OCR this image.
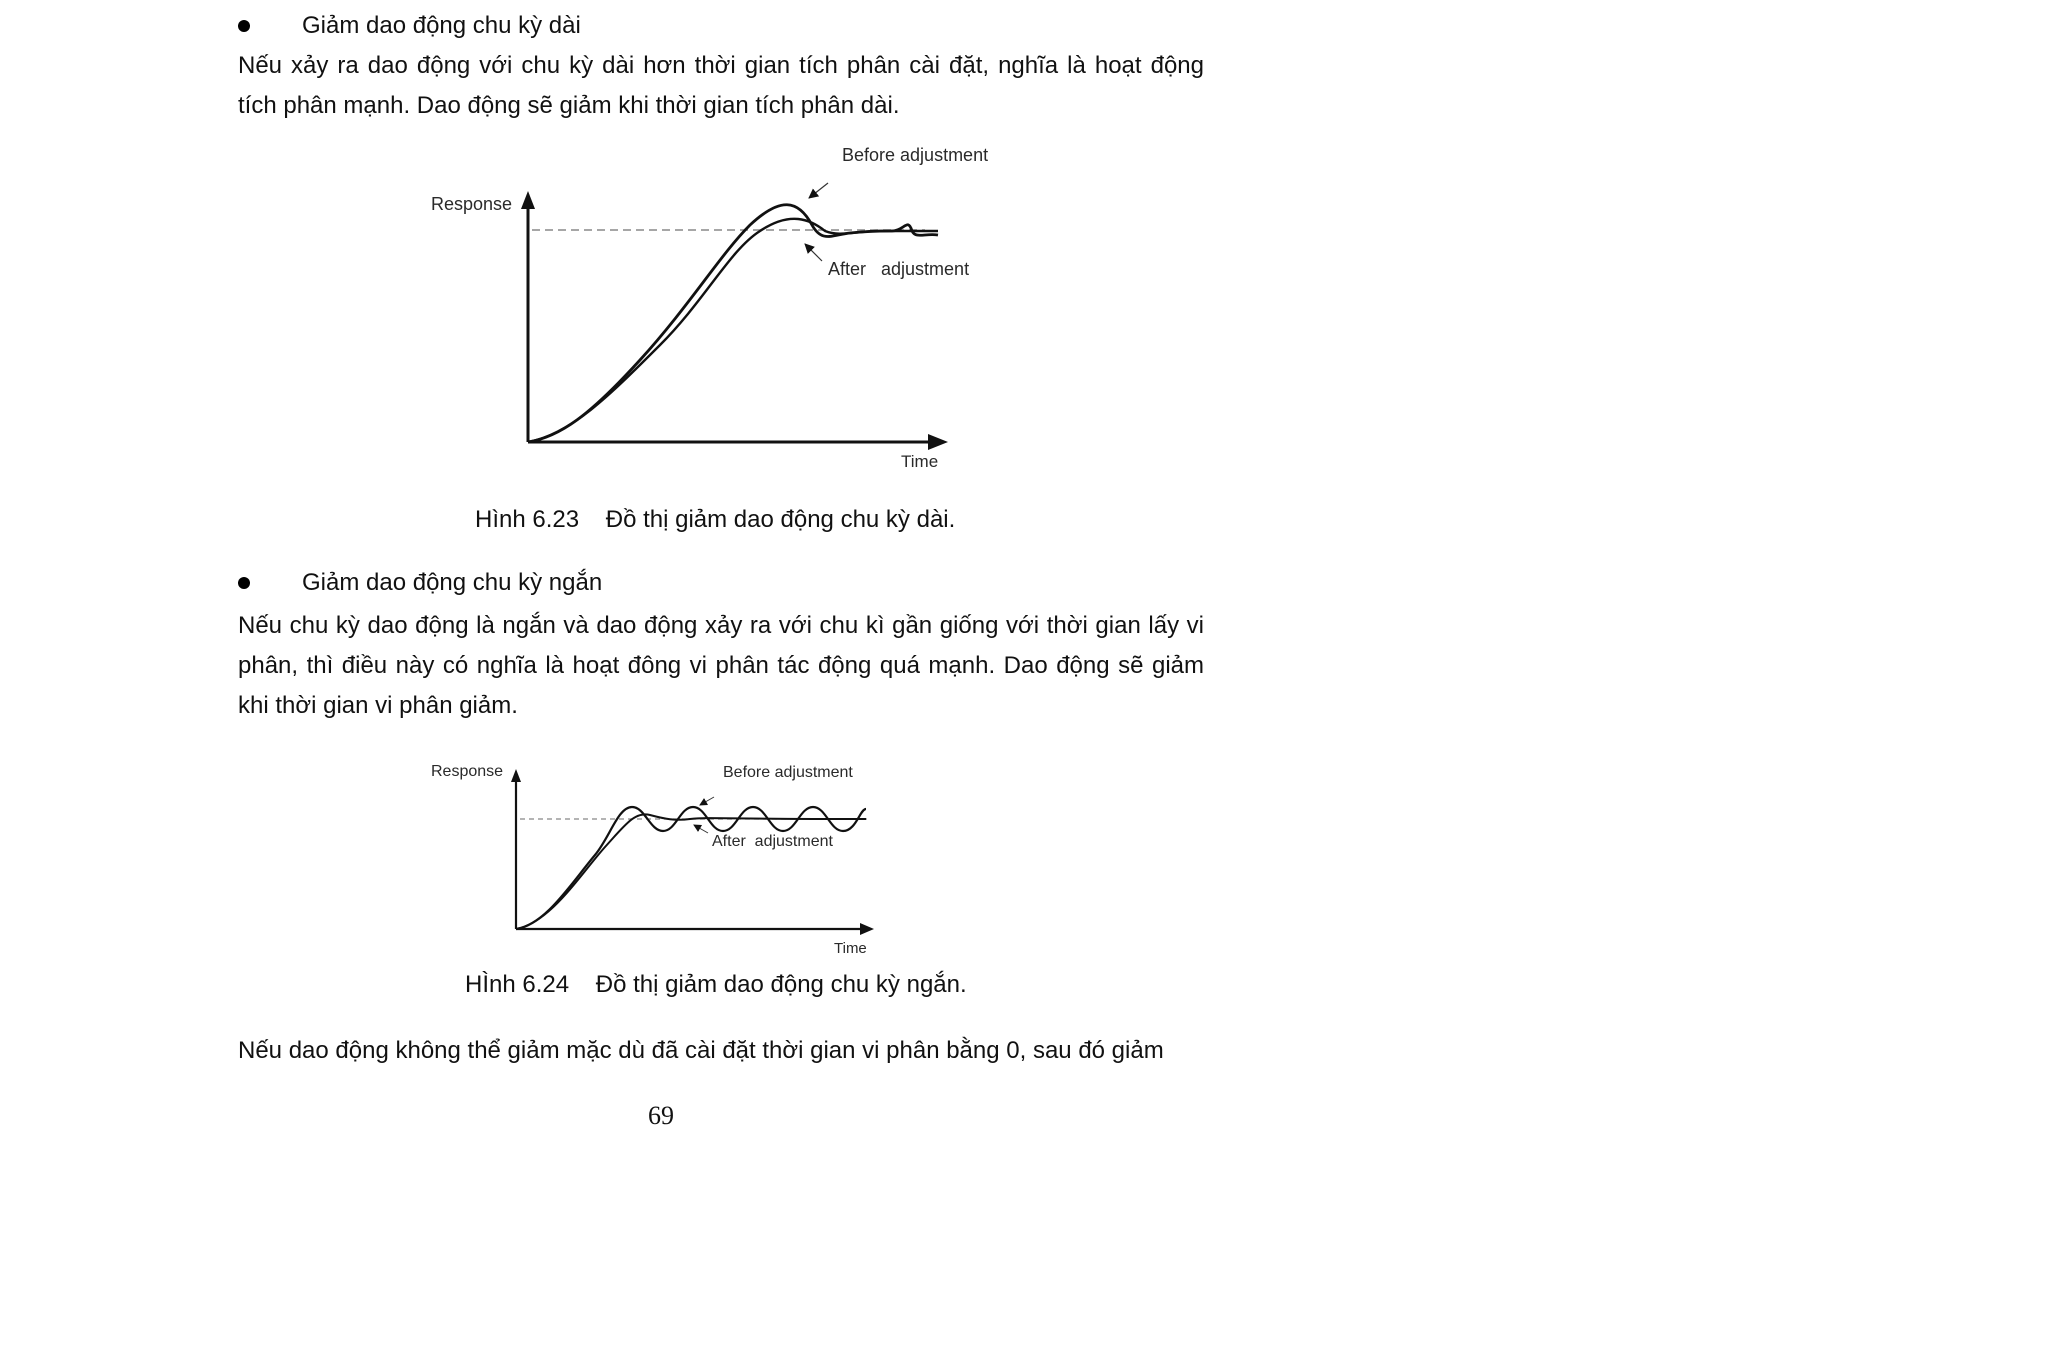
Giảm dao động chu kỳ dài
Nếu xảy ra dao động với chu kỳ dài hơn thời gian tích phân cài đặt, nghĩa là hoạt động tích phân mạnh. Dao động sẽ giảm khi thời gian tích phân dài.
Response
Time
Before adjustment
After   adjustment
Hình 6.23    Đồ thị giảm dao động chu kỳ dài.
Giảm dao động chu kỳ ngắn
Nếu chu kỳ dao động là ngắn và dao động xảy ra với chu kì gần giống với thời gian lấy vi phân, thì điều này có nghĩa là hoạt đông vi phân tác động quá mạnh. Dao động sẽ giảm khi thời gian vi phân giảm.
Response
Time
Before adjustment
After  adjustment
HÌnh 6.24    Đồ thị giảm dao động chu kỳ ngắn.
Nếu dao động không thể giảm mặc dù đã cài đặt thời gian vi phân bằng 0, sau đó giảm
69
